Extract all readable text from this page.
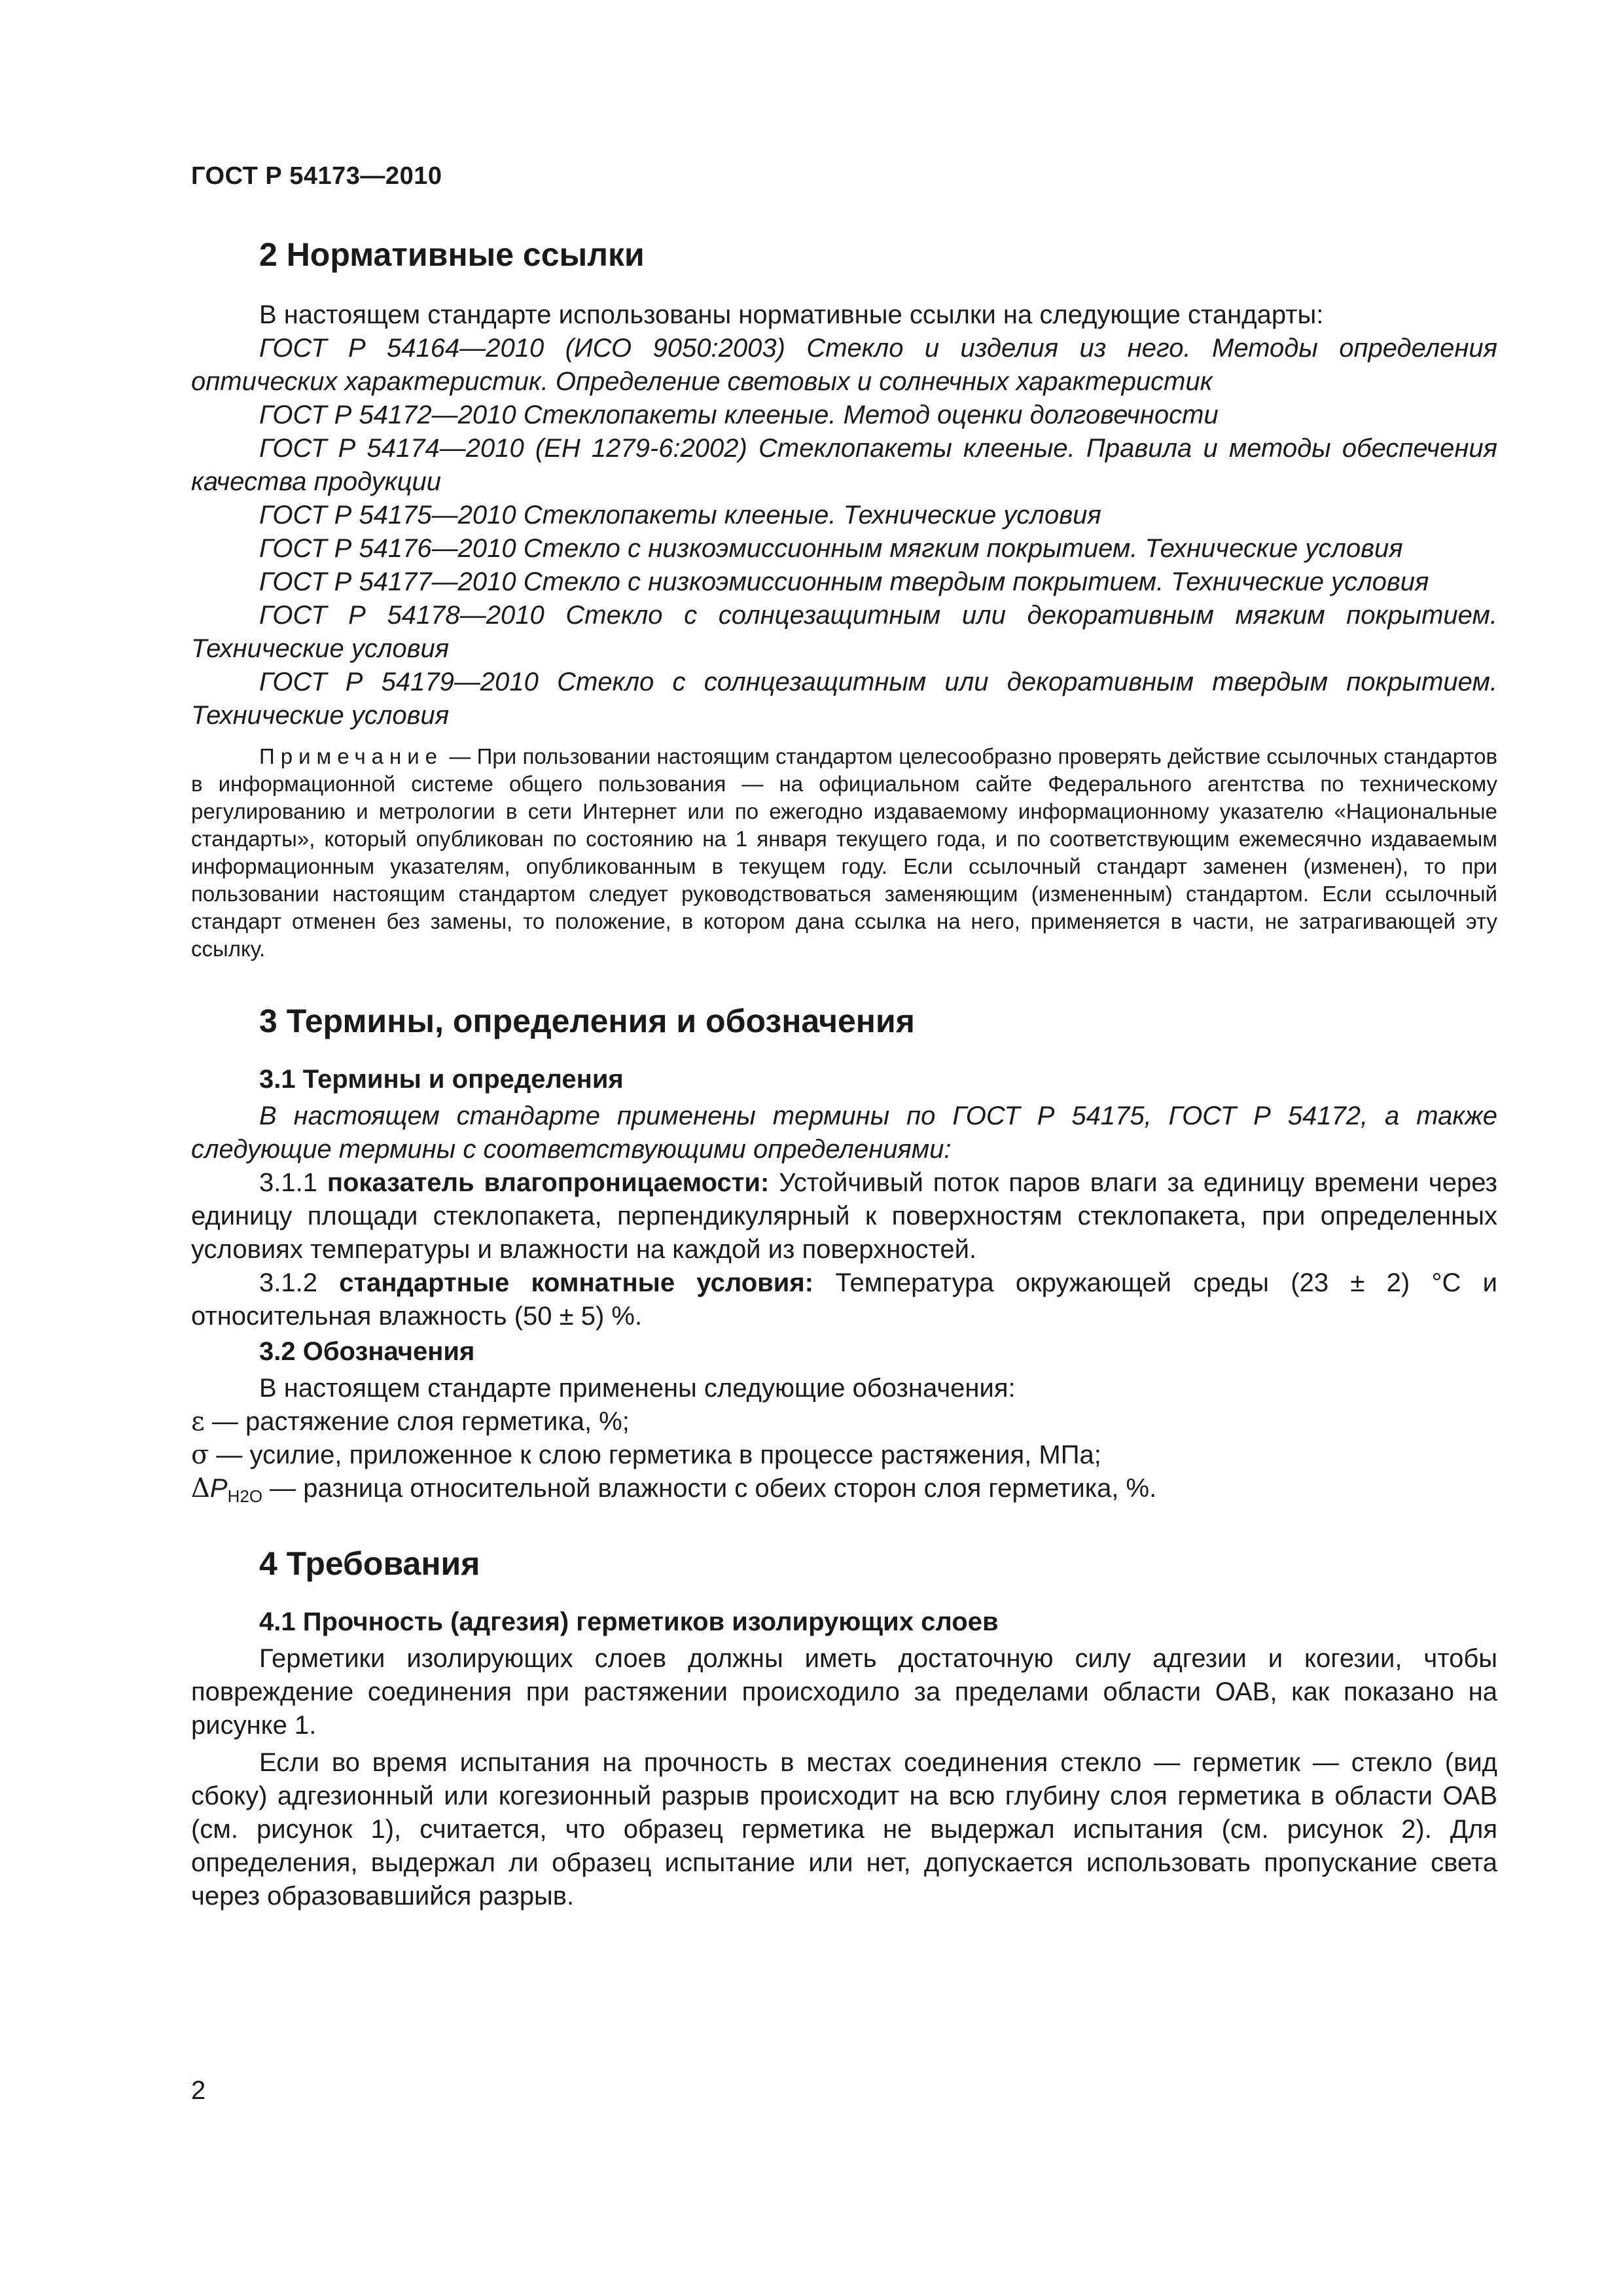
ГОСТ Р 54173—2010
2 Нормативные ссылки

В настоящем стандарте использованы нормативные ссылки на следующие стандарты:

ГОСТ Р 54164—2010 (ИСО 9050:2003) Стекло и изделия из него. Методы определения оптических характеристик. Определение световых и солнечных характеристик

ГОСТ Р 54172—2010 Стеклопакеты клееные. Метод оценки долговечности

ГОСТ Р 54174—2010 (ЕН 1279-6:2002) Стеклопакеты клееные. Правила и методы обеспечения качества продукции

ГОСТ Р 54175—2010 Стеклопакеты клееные. Технические условия

ГОСТ Р 54176—2010 Стекло с низкоэмиссионным мягким покрытием. Технические условия

ГОСТ Р 54177—2010 Стекло с низкоэмиссионным твердым покрытием. Технические условия

ГОСТ Р 54178—2010 Стекло с солнцезащитным или декоративным мягким покрытием. Технические условия

ГОСТ Р 54179—2010 Стекло с солнцезащитным или декоративным твердым покрытием. Технические условия

Примечание — При пользовании настоящим стандартом целесообразно проверять действие ссылочных стандартов в информационной системе общего пользования — на официальном сайте Федерального агентства по техническому регулированию и метрологии в сети Интернет или по ежегодно издаваемому информационному указателю «Национальные стандарты», который опубликован по состоянию на 1 января текущего года, и по соответствующим ежемесячно издаваемым информационным указателям, опубликованным в текущем году. Если ссылочный стандарт заменен (изменен), то при пользовании настоящим стандартом следует руководствоваться заменяющим (измененным) стандартом. Если ссылочный стандарт отменен без замены, то положение, в котором дана ссылка на него, применяется в части, не затрагивающей эту ссылку.

3 Термины, определения и обозначения
3.1 Термины и определения

В настоящем стандарте применены термины по ГОСТ Р 54175, ГОСТ Р 54172, а также следующие термины с соответствующими определениями:

3.1.1 показатель влагопроницаемости: Устойчивый поток паров влаги за единицу времени через единицу площади стеклопакета, перпендикулярный к поверхностям стеклопакета, при определенных условиях температуры и влажности на каждой из поверхностей.

3.1.2 стандартные комнатные условия: Температура окружающей среды (23 ± 2) °С и относительная влажность (50 ± 5) %.

3.2 Обозначения

В настоящем стандарте применены следующие обозначения:

ε — растяжение слоя герметика, %;

σ — усилие, приложенное к слою герметика в процессе растяжения, МПа;

$\Delta P_{H2O}$ — разница относительной влажности с обеих сторон слоя герметика, %.

4 Требования
4.1 Прочность (адгезия) герметиков изолирующих слоев

Герметики изолирующих слоев должны иметь достаточную силу адгезии и когезии, чтобы повреждение соединения при растяжении происходило за пределами области ОАВ, как показано на рисунке 1.

Если во время испытания на прочность в местах соединения стекло — герметик — стекло (вид сбоку) адгезионный или когезионный разрыв происходит на всю глубину слоя герметика в области ОАВ (см. рисунок 1), считается, что образец герметика не выдержал испытания (см. рисунок 2). Для определения, выдержал ли образец испытание или нет, допускается использовать пропускание света через образовавшийся разрыв.

2
